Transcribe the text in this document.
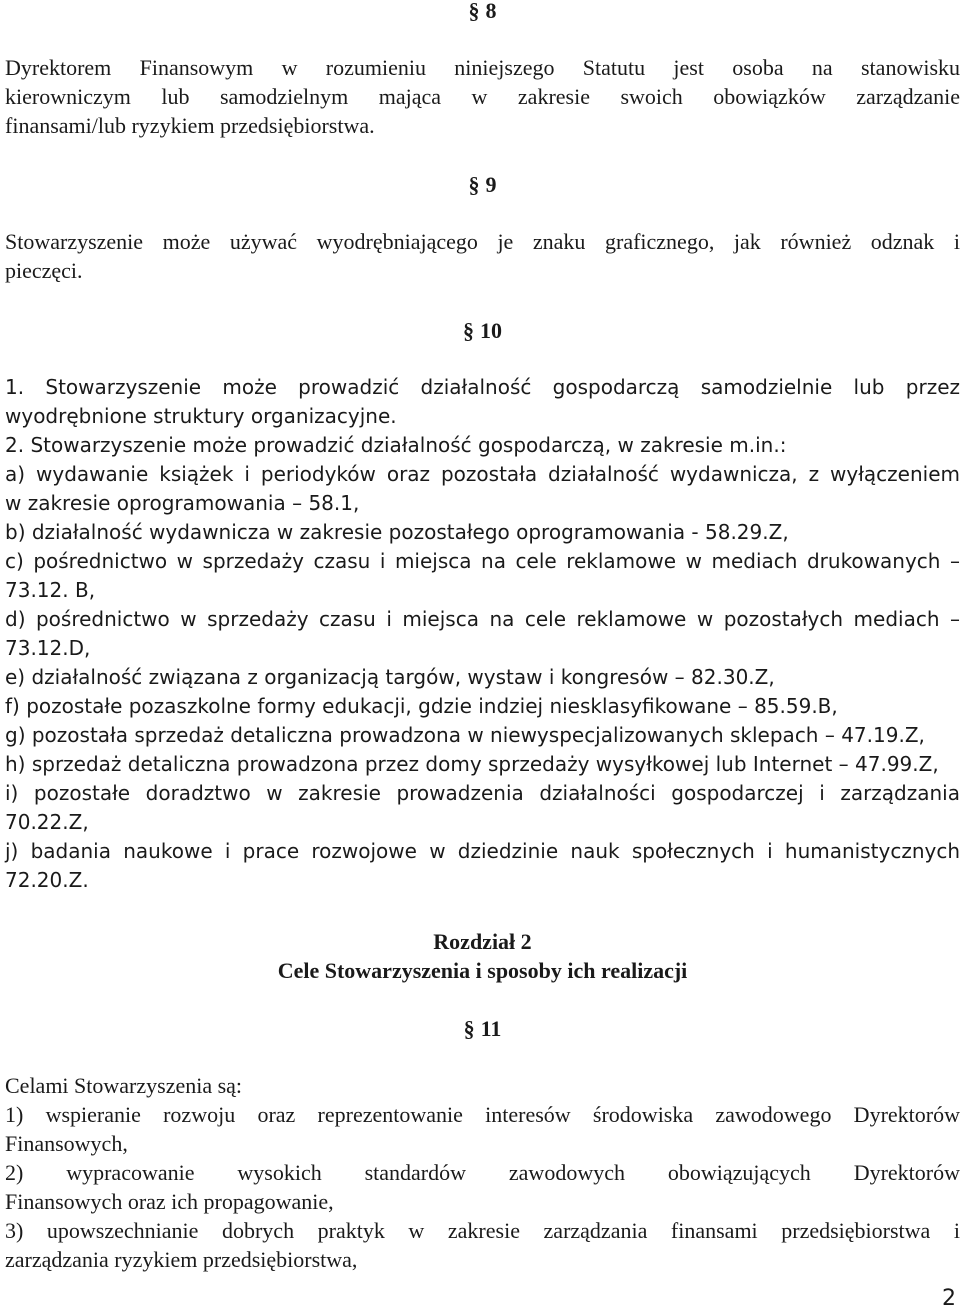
§ 8

Dyrektorem Finansowym w rozumieniu niniejszego Statutu jest osoba na stanowisku

kierowniczym lub samodzielnym mająca w zakresie swoich obowiązków zarządzanie

finansami/lub ryzykiem przedsiębiorstwa.

§ 9

Stowarzyszenie może używać wyodrębniającego je znaku graficznego, jak również odznak i

pieczęci.

§ 10

1. Stowarzyszenie może prowadzić działalność gospodarczą samodzielnie lub przez

wyodrębnione struktury organizacyjne.

2. Stowarzyszenie może prowadzić działalność gospodarczą, w zakresie m.in.:

a) wydawanie książek i periodyków oraz pozostała działalność wydawnicza, z wyłączeniem

w zakresie oprogramowania – 58.1,

b) działalność wydawnicza w zakresie pozostałego oprogramowania - 58.29.Z,

c) pośrednictwo w sprzedaży czasu i miejsca na cele reklamowe w mediach drukowanych –

73.12. B,

d) pośrednictwo w sprzedaży czasu i miejsca na cele reklamowe w pozostałych mediach –

73.12.D,

e) działalność związana z organizacją targów, wystaw i kongresów – 82.30.Z,

f) pozostałe pozaszkolne formy edukacji, gdzie indziej niesklasyfikowane – 85.59.B,

g) pozostała sprzedaż detaliczna prowadzona w niewyspecjalizowanych sklepach – 47.19.Z,

h) sprzedaż detaliczna prowadzona przez domy sprzedaży wysyłkowej lub Internet – 47.99.Z,

i) pozostałe doradztwo w zakresie prowadzenia działalności gospodarczej i zarządzania

70.22.Z,

j) badania naukowe i prace rozwojowe w dziedzinie nauk społecznych i humanistycznych

72.20.Z.

Rozdział 2

Cele Stowarzyszenia i sposoby ich realizacji

§ 11

Celami Stowarzyszenia są:

1) wspieranie rozwoju oraz reprezentowanie interesów środowiska zawodowego Dyrektorów

Finansowych,

2) wypracowanie wysokich standardów zawodowych obowiązujących Dyrektorów

Finansowych oraz ich propagowanie,

3) upowszechnianie dobrych praktyk w zakresie zarządzania finansami przedsiębiorstwa i

zarządzania ryzykiem przedsiębiorstwa,

2
